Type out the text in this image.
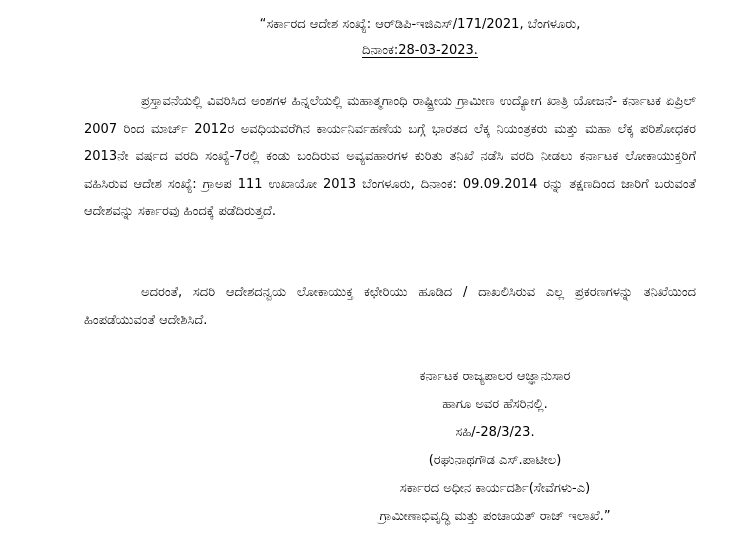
“ಸರ್ಕಾರದ ಆದೇಶ ಸಂಖ್ಯೆ: ಆರ್‌ಡಿಪಿ-ಇಜಿಎಸ್/171/2021, ಬೆಂಗಳೂರು,
ದಿನಾಂಕ:28-03-2023.

ಪ್ರಸ್ತಾವನೆಯಲ್ಲಿ ವಿವರಿಸಿದ ಅಂಶಗಳ ಹಿನ್ನಲೆಯಲ್ಲಿ ಮಹಾತ್ಮಗಾಂಧಿ ರಾಷ್ಟ್ರೀಯ ಗ್ರಾಮೀಣ ಉದ್ಯೋಗ ಖಾತ್ರಿ ಯೋಜನೆ- ಕರ್ನಾಟಕ ಏಪ್ರಿಲ್ 2007 ರಿಂದ ಮಾರ್ಚ್ 2012ರ ಅವಧಿಯವರೆಗಿನ ಕಾರ್ಯನಿರ್ವಹಣೆಯ ಬಗ್ಗೆ ಭಾರತದ ಲೆಕ್ಕ ನಿಯಂತ್ರಕರು ಮತ್ತು ಮಹಾ ಲೆಕ್ಕ ಪರಿಶೋಧಕರ 2013ನೇ ವರ್ಷದ ವರದಿ ಸಂಖ್ಯೆ-7ರಲ್ಲಿ ಕಂಡು ಬಂದಿರುವ ಅವ್ಯವಹಾರಗಳ ಕುರಿತು ತನಿಖೆ ನಡೆಸಿ ವರದಿ ನೀಡಲು ಕರ್ನಾಟಕ ಲೋಕಾಯುಕ್ತರಿಗೆ ವಹಿಸಿರುವ ಆದೇಶ ಸಂಖ್ಯೆ: ಗ್ರಾಅಪ 111 ಉಖಾಯೋ 2013 ಬೆಂಗಳೂರು, ದಿನಾಂಕ: 09.09.2014 ರನ್ನು ತಕ್ಷಣದಿಂದ ಜಾರಿಗೆ ಬರುವಂತೆ ಆದೇಶವನ್ನು ಸರ್ಕಾರವು ಹಿಂದಕ್ಕೆ ಪಡೆದಿರುತ್ತದೆ.

ಅದರಂತೆ, ಸದರಿ ಆದೇಶದನ್ವಯ ಲೋಕಾಯುಕ್ತ ಕಛೇರಿಯು ಹೂಡಿದ / ದಾಖಲಿಸಿರುವ ಎಲ್ಲ ಪ್ರಕರಣಗಳನ್ನು ತನಿಖೆಯಿಂದ ಹಿಂಪಡೆಯುವಂತೆ ಆದೇಶಿಸಿದೆ.

ಕರ್ನಾಟಕ ರಾಜ್ಯಪಾಲರ ಆಜ್ಞಾನುಸಾರ
ಹಾಗೂ ಅವರ ಹೆಸರಿನಲ್ಲಿ.
ಸಹಿ/-28/3/23.
(ರಘುನಾಥಗೌಡ ಎಸ್.ಪಾಟೀಲ)
ಸರ್ಕಾರದ ಅಧೀನ ಕಾರ್ಯದರ್ಶಿ(ಸೇವೆಗಳು-ಎ)
ಗ್ರಾಮೀಣಾಭಿವೃದ್ಧಿ ಮತ್ತು ಪಂಚಾಯತ್ ರಾಜ್ ಇಲಾಖೆ.”
